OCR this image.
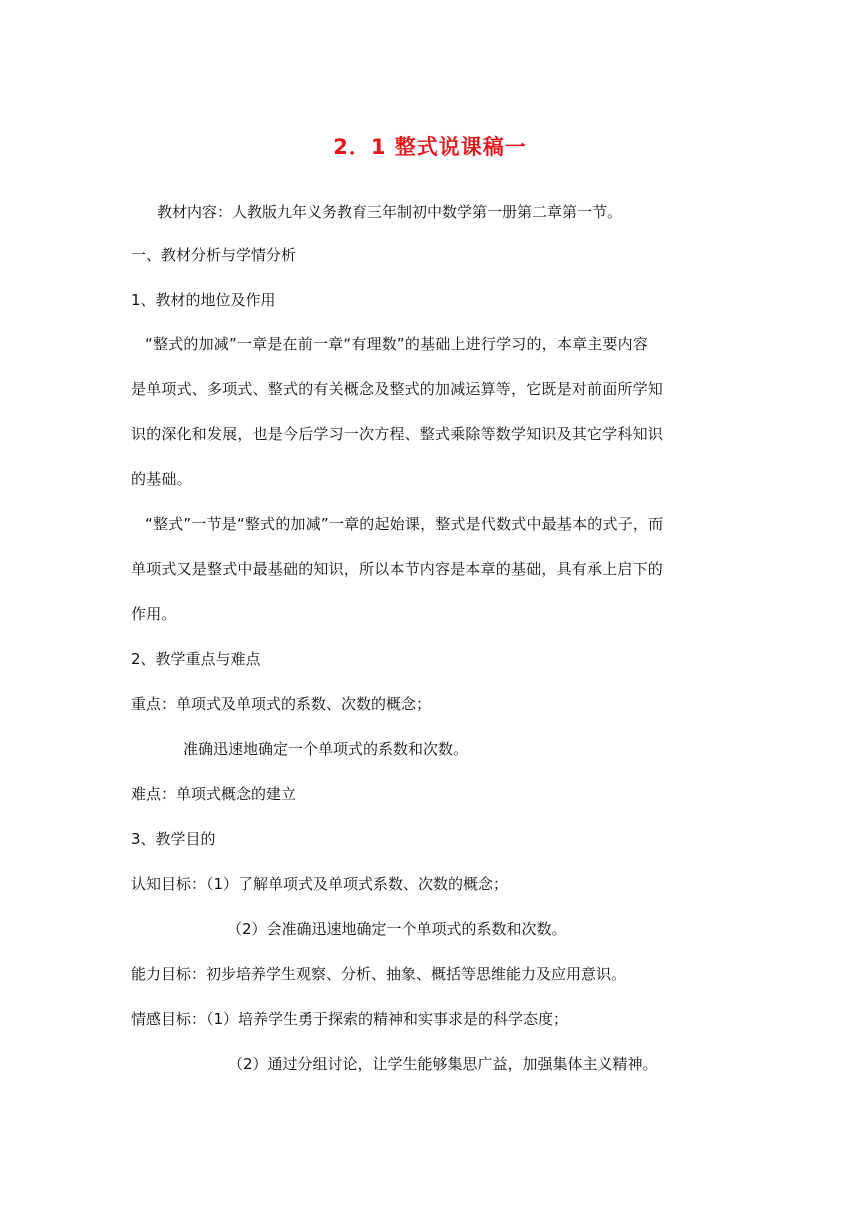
2．1 整式说课稿一
教材内容：人教版九年义务教育三年制初中数学第一册第二章第一节。
一、教材分析与学情分析
1、教材的地位及作用
“整式的加减”一章是在前一章“有理数”的基础上进行学习的，本章主要内容
是单项式、多项式、整式的有关概念及整式的加减运算等，它既是对前面所学知
识的深化和发展，也是今后学习一次方程、整式乘除等数学知识及其它学科知识
的基础。
“整式”一节是“整式的加减”一章的起始课，整式是代数式中最基本的式子，而
单项式又是整式中最基础的知识，所以本节内容是本章的基础，具有承上启下的
作用。
2、教学重点与难点
重点：单项式及单项式的系数、次数的概念；
准确迅速地确定一个单项式的系数和次数。
难点：单项式概念的建立
3、教学目的
认知目标：（1）了解单项式及单项式系数、次数的概念；
（2）会准确迅速地确定一个单项式的系数和次数。
能力目标：初步培养学生观察、分析、抽象、概括等思维能力及应用意识。
情感目标：（1）培养学生勇于探索的精神和实事求是的科学态度；
（2）通过分组讨论，让学生能够集思广益，加强集体主义精神。
